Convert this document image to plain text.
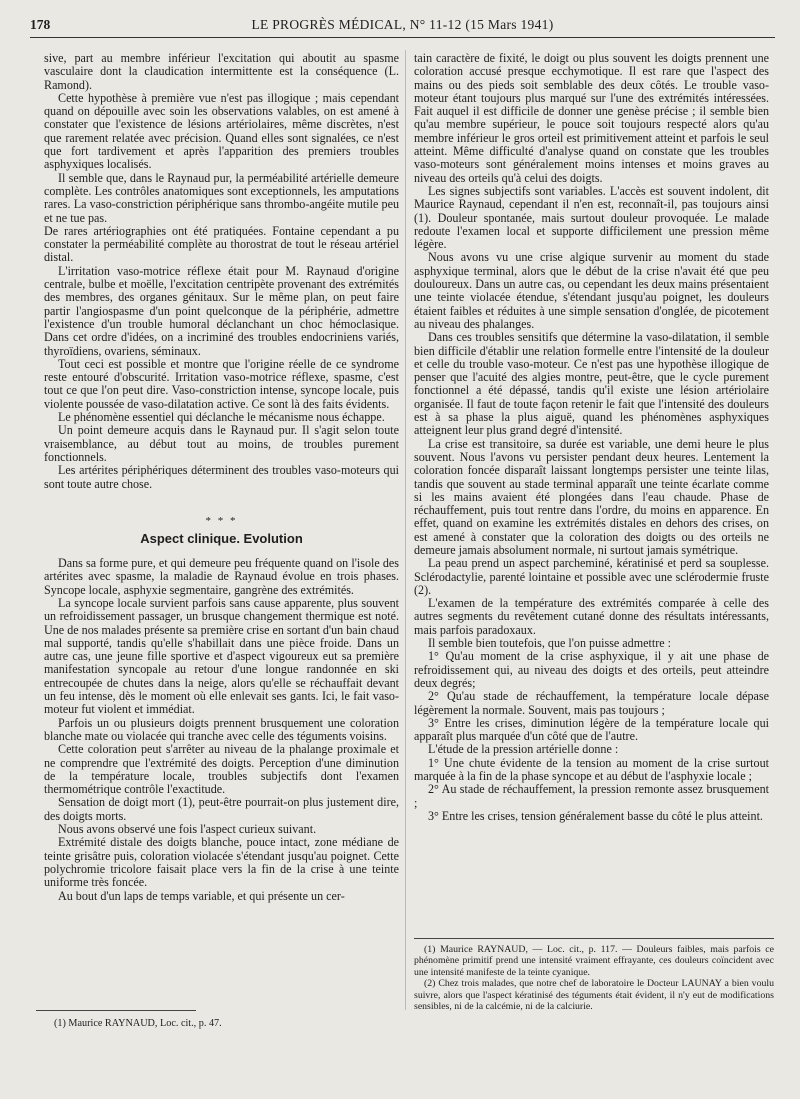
178	LE PROGRÈS MÉDICAL, N° 11-12 (15 Mars 1941)

sive, part au membre inférieur l'excitation qui aboutit au spasme vasculaire dont la claudication intermittente est la conséquence (L. Ramond).

Cette hypothèse à première vue n'est pas illogique ; mais cependant quand on dépouille avec soin les observations valables, on est amené à constater que l'existence de lésions artériolaires, même discrètes, n'est que rarement relatée avec précision. Quand elles sont signalées, ce n'est que fort tardivement et après l'apparition des premiers troubles asphyxiques localisés.

Il semble que, dans le Raynaud pur, la perméabilité artérielle demeure complète. Les contrôles anatomiques sont exceptionnels, les amputations rares. La vaso-constriction périphérique sans thrombo-angéite mutile peu et ne tue pas.

De rares artériographies ont été pratiquées. Fontaine cependant a pu constater la perméabilité complète au thorostrat de tout le réseau artériel distal.

L'irritation vaso-motrice réflexe était pour M. Raynaud d'origine centrale, bulbe et moëlle, l'excitation centripète provenant des extrémités des membres, des organes génitaux. Sur le même plan, on peut faire partir l'angiospasme d'un point quelconque de la périphérie, admettre l'existence d'un trouble humoral déclanchant un choc hémoclasique. Dans cet ordre d'idées, on a incriminé des troubles endocriniens variés, thyroïdiens, ovariens, séminaux.

Tout ceci est possible et montre que l'origine réelle de ce syndrome reste entouré d'obscurité. Irritation vaso-motrice réflexe, spasme, c'est tout ce que l'on peut dire. Vaso-constriction intense, syncope locale, puis violente poussée de vaso-dilatation active. Ce sont là des faits évidents.

Le phénomène essentiel qui déclanche le mécanisme nous échappe.

Un point demeure acquis dans le Raynaud pur. Il s'agit selon toute vraisemblance, au début tout au moins, de troubles purement fonctionnels.

Les artérites périphériques déterminent des troubles vaso-moteurs qui sont toute autre chose.

* * *
Aspect clinique. Evolution

Dans sa forme pure, et qui demeure peu fréquente quand on l'isole des artérites avec spasme, la maladie de Raynaud évolue en trois phases. Syncope locale, asphyxie segmentaire, gangrène des extrémités.

La syncope locale survient parfois sans cause apparente, plus souvent un refroidissement passager, un brusque changement thermique est noté. Une de nos malades présente sa première crise en sortant d'un bain chaud mal supporté, tandis qu'elle s'habillait dans une pièce froide. Dans un autre cas, une jeune fille sportive et d'aspect vigoureux eut sa première manifestation syncopale au retour d'une longue randonnée en ski entrecoupée de chutes dans la neige, alors qu'elle se réchauffait devant un feu intense, dès le moment où elle enlevait ses gants. Ici, le fait vaso-moteur fut violent et immédiat.

Parfois un ou plusieurs doigts prennent brusquement une coloration blanche mate ou violacée qui tranche avec celle des téguments voisins.

Cette coloration peut s'arrêter au niveau de la phalange proximale et ne comprendre que l'extrémité des doigts. Perception d'une diminution de la température locale, troubles subjectifs dont l'examen thermométrique contrôle l'exactitude.

Sensation de doigt mort (1), peut-être pourrait-on plus justement dire, des doigts morts.

Nous avons observé une fois l'aspect curieux suivant.

Extrémité distale des doigts blanche, pouce intact, zone médiane de teinte grisâtre puis, coloration violacée s'étendant jusqu'au poignet. Cette polychromie tricolore faisait place vers la fin de la crise à une teinte uniforme très foncée.

Au bout d'un laps de temps variable, et qui présente un cer-

(1) Maurice RAYNAUD, Loc. cit., p. 47.

tain caractère de fixité, le doigt ou plus souvent les doigts prennent une coloration accusé presque ecchymotique. Il est rare que l'aspect des mains ou des pieds soit semblable des deux côtés. Le trouble vaso-moteur étant toujours plus marqué sur l'une des extrémités intéressées. Fait auquel il est difficile de donner une genèse précise ; il semble bien qu'au membre supérieur, le pouce soit toujours respecté alors qu'au membre inférieur le gros orteil est primitivement atteint et parfois le seul atteint. Même difficulté d'analyse quand on constate que les troubles vaso-moteurs sont généralement moins intenses et moins graves au niveau des orteils qu'à celui des doigts.

Les signes subjectifs sont variables. L'accès est souvent indolent, dit Maurice Raynaud, cependant il n'en est, reconnaît-il, pas toujours ainsi (1). Douleur spontanée, mais surtout douleur provoquée. Le malade redoute l'examen local et supporte difficilement une pression même légère.

Nous avons vu une crise algique survenir au moment du stade asphyxique terminal, alors que le début de la crise n'avait été que peu douloureux. Dans un autre cas, ou cependant les deux mains présentaient une teinte violacée étendue, s'étendant jusqu'au poignet, les douleurs étaient faibles et réduites à une simple sensation d'onglée, de picotement au niveau des phalanges.

Dans ces troubles sensitifs que détermine la vaso-dilatation, il semble bien difficile d'établir une relation formelle entre l'intensité de la douleur et celle du trouble vaso-moteur. Ce n'est pas une hypothèse illogique de penser que l'acuité des algies montre, peut-être, que le cycle purement fonctionnel a été dépassé, tandis qu'il existe une lésion artériolaire organisée. Il faut de toute façon retenir le fait que l'intensité des douleurs est à sa phase la plus aiguë, quand les phénomènes asphyxiques atteignent leur plus grand degré d'intensité.

La crise est transitoire, sa durée est variable, une demi heure le plus souvent. Nous l'avons vu persister pendant deux heures. Lentement la coloration foncée disparaît laissant longtemps persister une teinte lilas, tandis que souvent au stade terminal apparaît une teinte écarlate comme si les mains avaient été plongées dans l'eau chaude. Phase de réchauffement, puis tout rentre dans l'ordre, du moins en apparence. En effet, quand on examine les extrémités distales en dehors des crises, on est amené à constater que la coloration des doigts ou des orteils ne demeure jamais absolument normale, ni surtout jamais symétrique.

La peau prend un aspect parcheminé, kératinisé et perd sa souplesse. Sclérodactylie, parenté lointaine et possible avec une sclérodermie fruste (2).

L'examen de la température des extrémités comparée à celle des autres segments du revêtement cutané donne des résultats intéressants, mais parfois paradoxaux.

Il semble bien toutefois, que l'on puisse admettre :

1° Qu'au moment de la crise asphyxique, il y ait une phase de refroidissement qui, au niveau des doigts et des orteils, peut atteindre deux degrés;

2° Qu'au stade de réchauffement, la température locale dépase légèrement la normale. Souvent, mais pas toujours ;

3° Entre les crises, diminution légère de la température locale qui apparaît plus marquée d'un côté que de l'autre.

L'étude de la pression artérielle donne :

1° Une chute évidente de la tension au moment de la crise surtout marquée à la fin de la phase syncope et au début de l'asphyxie locale ;

2° Au stade de réchauffement, la pression remonte assez brusquement ;

3° Entre les crises, tension généralement basse du côté le plus atteint.

(1) Maurice RAYNAUD, — Loc. cit., p. 117. — Douleurs faibles, mais parfois ce phénomène primitif prend une intensité vraiment effrayante, ces douleurs coïncident avec une intensité manifeste de la teinte cyanique.

(2) Chez trois malades, que notre chef de laboratoire le Docteur LAUNAY a bien voulu suivre, alors que l'aspect kératinisé des téguments était évident, il n'y eut de modifications sensibles, ni de la calcémie, ni de la calciurie.
